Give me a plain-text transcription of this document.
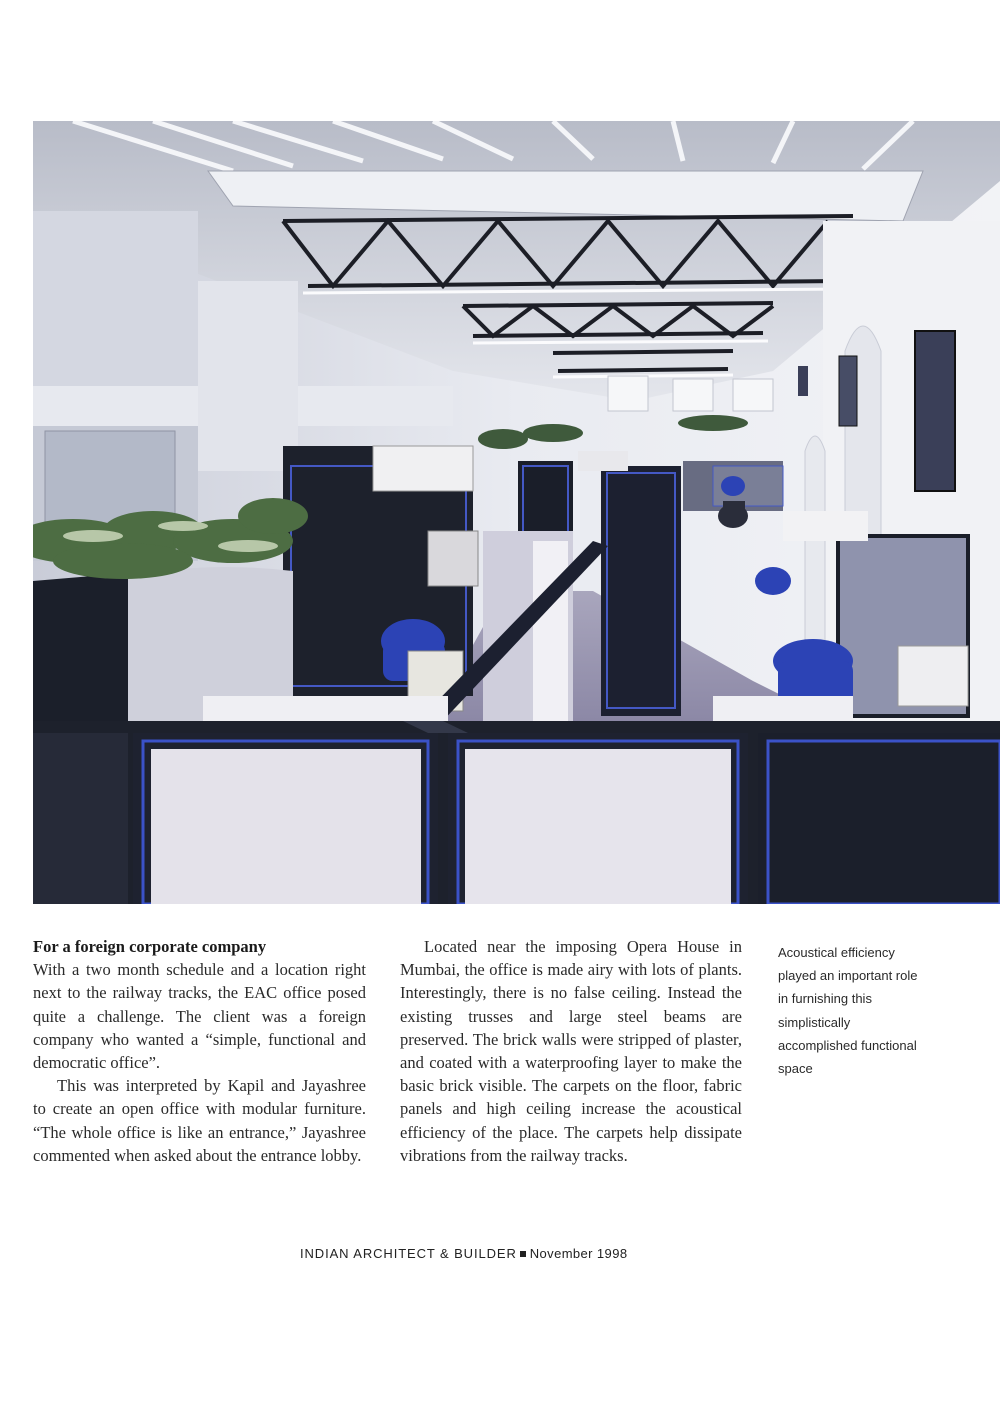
For a foreign corporate company

With a two month schedule and a location right next to the railway tracks, the EAC office posed quite a challenge. The client was a foreign company who wanted a “simple, functional and democratic office”.

This was interpreted by Kapil and Jayashree to create an open office with modular furniture. “The whole office is like an entrance,” Jayashree commented when asked about the entrance lobby.

Located near the imposing Opera House in Mumbai, the office is made airy with lots of plants. Interestingly, there is no false ceiling. Instead the existing trusses and large steel beams are preserved. The brick walls were stripped of plaster, and coated with a waterproofing layer to make the basic brick visible. The carpets on the floor, fabric panels and high ceiling increase the acoustical efficiency of the place. The carpets help dissipate vibrations from the railway tracks.

Acoustical efficiency played an important role in furnishing this simplistically accomplished functional space
INDIAN ARCHITECT & BUILDER November 1998
